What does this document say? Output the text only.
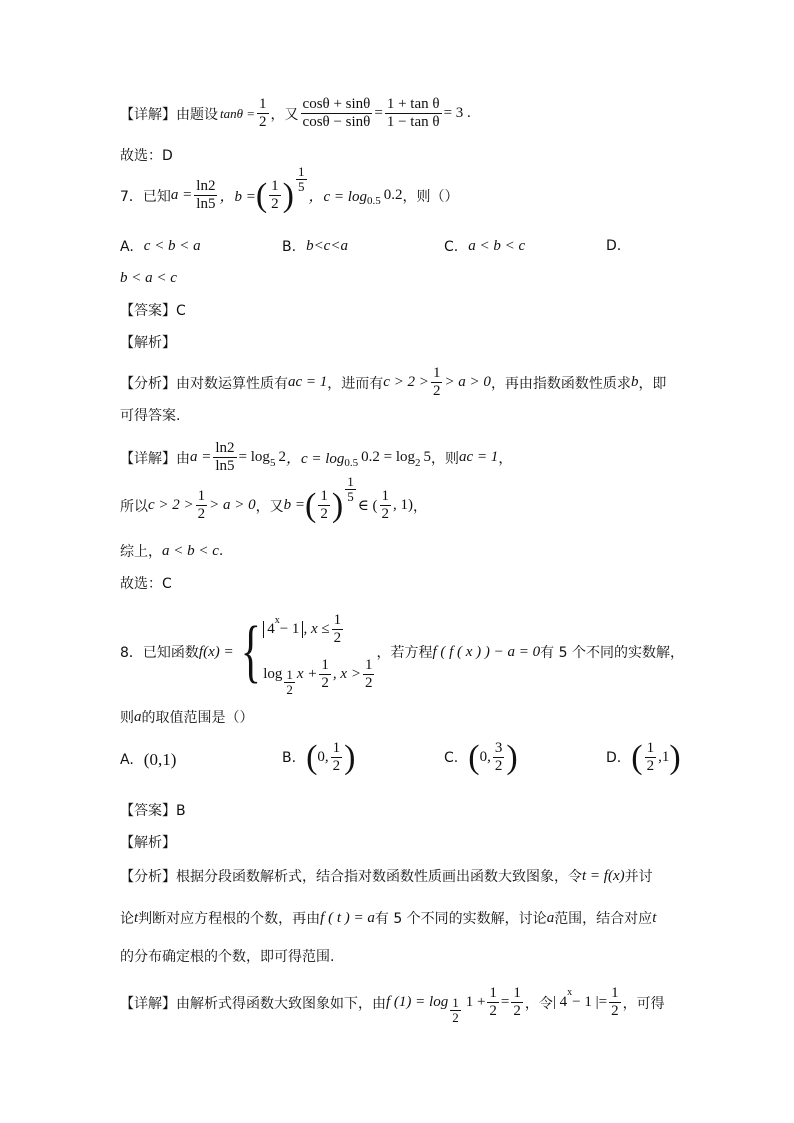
【详解】 由题设 $\tan\theta = \frac{1}{2}$ ，又 $\frac{\cos\theta + \sin\theta}{\cos\theta - \sin\theta} = \frac{\text{1 + tan θ}}{\text{1 − tan θ}} = 3$ .
故选：D
7．已知 $a = \frac{\ln 2}{\ln 5}$ ，b = ( $\frac{1}{2}$ ) $\frac{1}{5}$
，c = log 0.5 0.2 ，则（）
A. c < b < a	B. b<c<a	C. a < b < c	D.
b < a < c
【答案】C
【解析】
【分析】 由对数运算性质有 ac = 1 ，进而有 $c > 2 > \frac{1}{2} > a > 0$ ，再由指数函数性质求 b ，即
可得答案.
【详解】 由 $a = \frac{\ln 2}{\ln 5} = \log 5$ 2 ，c = log 0.5 0.2 = log 2 5 ，则 ac = 1 ，
所以 $c > 2 > \frac{1}{2} > a > 0$ ，又 b = ( $\frac{1}{2}$ ) $\frac{1}{5}$
∈ ( $\frac{1}{2}$ , 1) ，
综上， a < b < c .
故选：C
8．已知函数 f(x) = { $4^x- 1$ , $x \le \frac{1}{2}$
$\log \frac{1}{2}$ $x + \frac{1}{2}$ , $x > \frac{1}{2}$
，若方程 f ( f ( x ) ) − a = 0 有 5 个不同的实数解，
则 a 的取值范围是（）
A. (0,1)	B. ( 0, $\frac{1}{2}$ )	C. ( 0, $\frac{3}{2}$ )	D. ( $\frac{1}{2} ,1$ )
【答案】B
【解析】
【分析】 根据分段函数解析式，结合指对数函数性质画出函数大致图象，令 t = f(x) 并讨
论 t 判断对应方程根的个数，再由 f ( t ) = a 有 5 个不同的实数解，讨论 a 范围，结合对应 t
的分布确定根的个数，即可得范围.
【详解】 由解析式得函数大致图象如下，由 f $(1) = \log \frac{1}{2} 1 + \frac{1}{2} = \frac{1}{2}$ ，令 | 4
x
− 1 |= $\frac{1}{2}$ ，可得
